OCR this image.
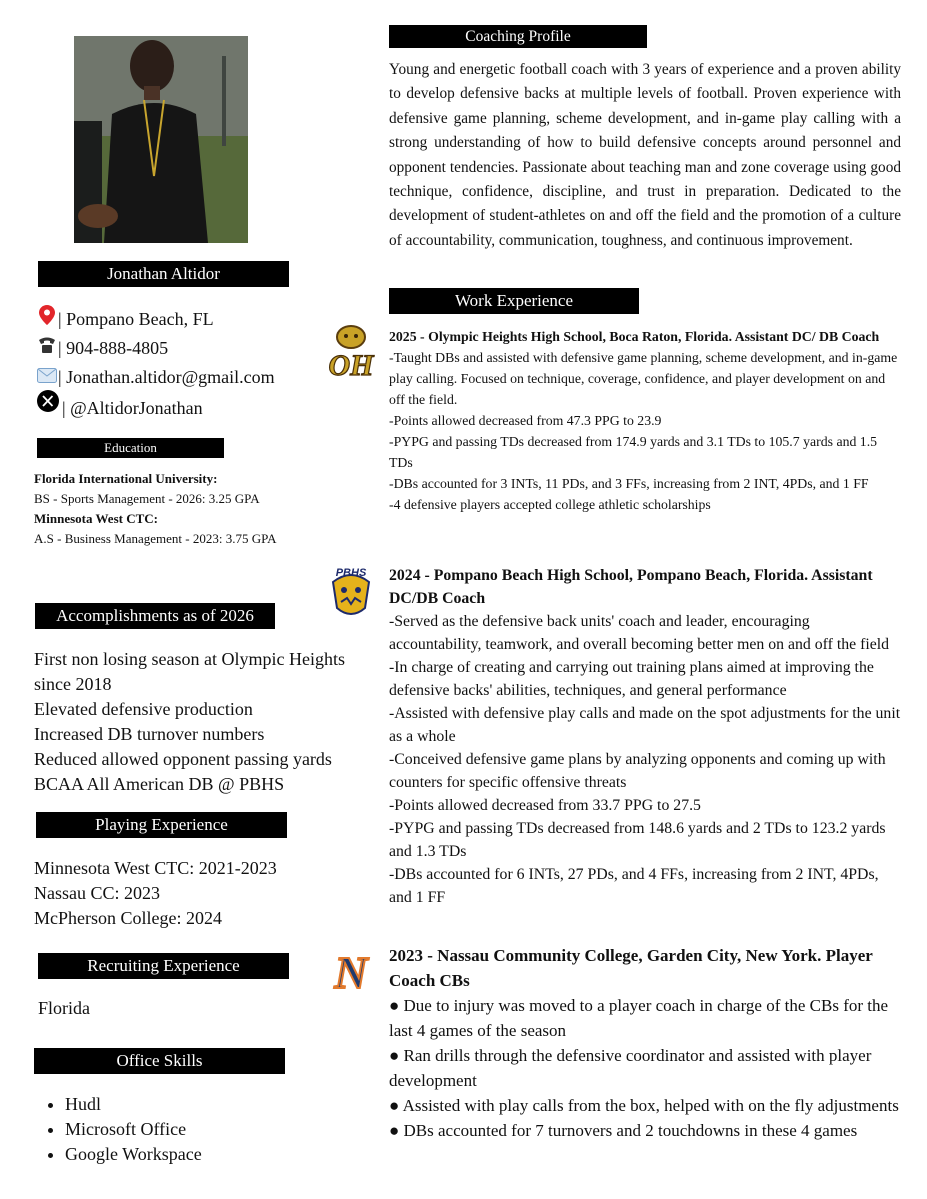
Jonathan Altidor
| Pompano Beach, FL
| 904-888-4805
| Jonathan.altidor@gmail.com
| @AltidorJonathan
Education
Florida International University:
BS - Sports Management - 2026: 3.25 GPA
Minnesota West CTC:
A.S - Business Management - 2023: 3.75 GPA
Accomplishments as of 2026
First non losing season at Olympic Heights
since 2018
Elevated defensive production
Increased DB turnover numbers
Reduced allowed opponent passing yards
BCAA All American DB @ PBHS
Playing Experience
Minnesota West CTC: 2021-2023
Nassau CC: 2023
McPherson College: 2024
Recruiting Experience
Florida
Office Skills
• Hudl
• Microsoft Office
• Google Workspace
Coaching Profile
Young and energetic football coach with 3 years of experience and a proven ability to develop defensive backs at multiple levels of football. Proven experience with defensive game planning, scheme development, and in-game play calling with a strong understanding of how to build defensive concepts around personnel and opponent tendencies. Passionate about teaching man and zone coverage using good technique, confidence, discipline, and trust in preparation. Dedicated to the development of student-athletes on and off the field and the promotion of a culture of accountability, communication, toughness, and continuous improvement.
Work Experience
OH
2025 - Olympic Heights High School, Boca Raton, Florida. Assistant DC/ DB Coach
-Taught DBs and assisted with defensive game planning, scheme development, and in-game play calling. Focused on technique, coverage, confidence, and player development on and off the field.
-Points allowed decreased from 47.3 PPG to 23.9
-PYPG and passing TDs decreased from 174.9 yards and 3.1 TDs to 105.7 yards and 1.5 TDs
-DBs accounted for 3 INTs, 11 PDs, and 3 FFs, increasing from 2 INT, 4PDs, and 1 FF
-4 defensive players accepted college athletic scholarships
PBHS 2024 - Pompano Beach High School, Pompano Beach, Florida. Assistant DC/DB Coach
-Served as the defensive back units' coach and leader, encouraging accountability, teamwork, and overall becoming better men on and off the field
-In charge of creating and carrying out training plans aimed at improving the defensive backs' abilities, techniques, and general performance
-Assisted with defensive play calls and made on the spot adjustments for the unit as a whole
-Conceived defensive game plans by analyzing opponents and coming up with counters for specific offensive threats
-Points allowed decreased from 33.7 PPG to 27.5
-PYPG and passing TDs decreased from 148.6 yards and 2 TDs to 123.2 yards and 1.3 TDs
-DBs accounted for 6 INTs, 27 PDs, and 4 FFs, increasing from 2 INT, 4PDs, and 1 FF
N 2023 - Nassau Community College, Garden City, New York. Player Coach CBs
● Due to injury was moved to a player coach in charge of the CBs for the last 4 games of the season
● Ran drills through the defensive coordinator and assisted with player development
● Assisted with play calls from the box, helped with on the fly adjustments
● DBs accounted for 7 turnovers and 2 touchdowns in these 4 games
